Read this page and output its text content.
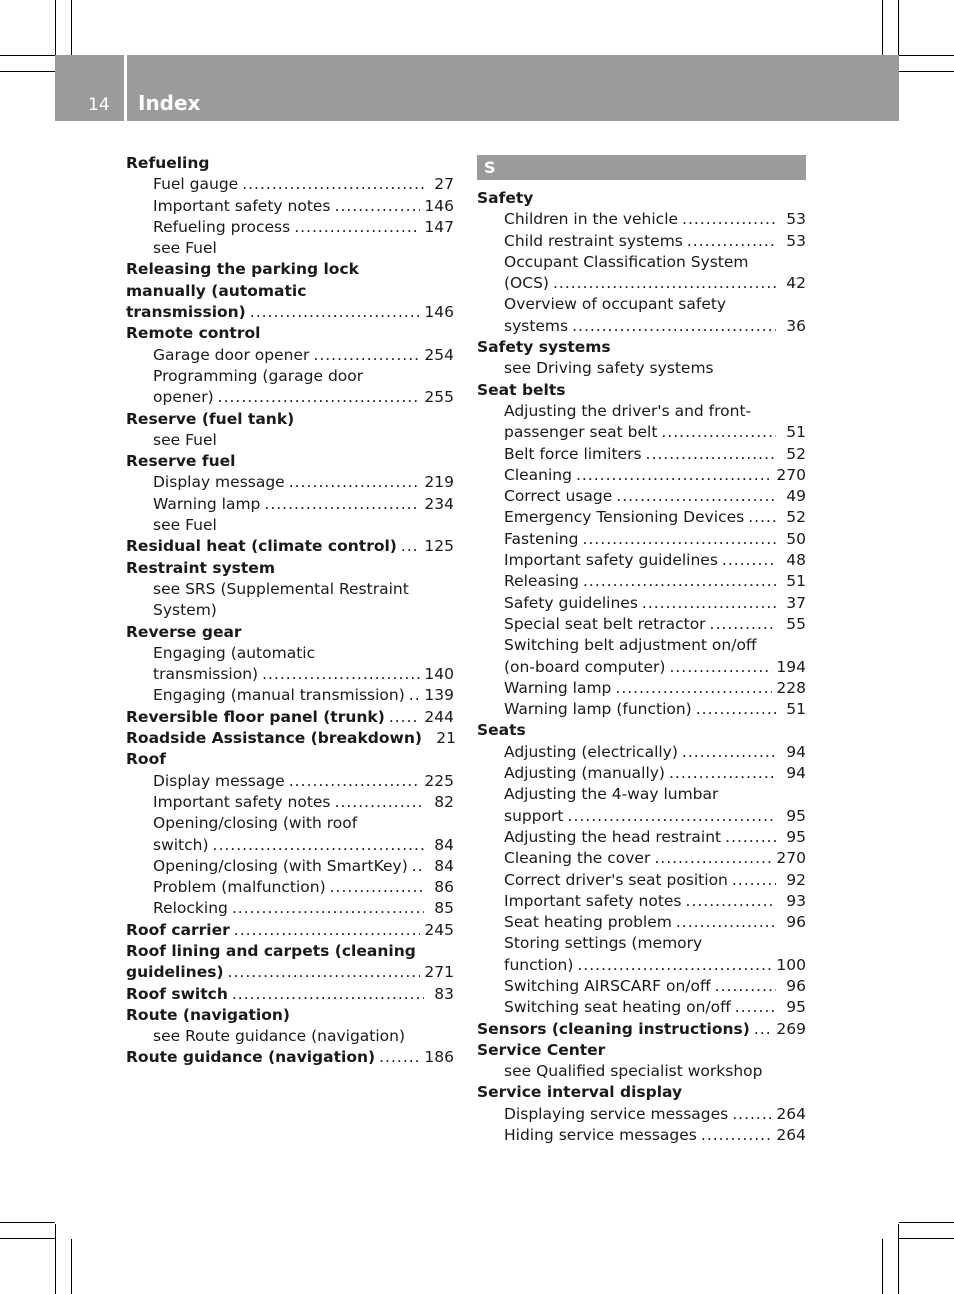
14 Index
Refueling
Fuel gauge .....	27
Important safety notes .....	146
Refueling process .....	147
see Fuel
Releasing the parking lock
manually (automatic
transmission) .....	146
Remote control
Garage door opener .....	254
Programming (garage door
opener) .....	255
Reserve (fuel tank)
see Fuel
Reserve fuel
Display message .....	219
Warning lamp .....	234
see Fuel
Residual heat (climate control) ..... 125
Restraint system
see SRS (Supplemental Restraint
System)
Reverse gear
Engaging (automatic
transmission) .....	140
Engaging (manual transmission) ..... 139
Reversible floor panel (trunk) .....	244
Roadside Assistance (breakdown) 21
Roof
Display message .....	225
Important safety notes .....	82
Opening/closing (with roof
switch) .....	84
Opening/closing (with SmartKey) .....	84
Problem (malfunction) .....	86
Relocking .....	85
Roof carrier .....	245
Roof lining and carpets (cleaning
guidelines) .....	271
Roof switch .....	83
Route (navigation)
see Route guidance (navigation)
Route guidance (navigation) .....	186
S
Safety
Children in the vehicle .....	53
Child restraint systems .....	53
Occupant Classification System
(OCS) .....	42
Overview of occupant safety
systems .....	36
Safety systems
see Driving safety systems
Seat belts
Adjusting the driver's and front-
passenger seat belt .....	51
Belt force limiters .....	52
Cleaning .....	270
Correct usage .....	49
Emergency Tensioning Devices .....	52
Fastening .....	50
Important safety guidelines .....	48
Releasing .....	51
Safety guidelines .....	37
Special seat belt retractor .....	55
Switching belt adjustment on/off
(on-board computer) .....	194
Warning lamp .....	228
Warning lamp (function) .....	51
Seats
Adjusting (electrically) .....	94
Adjusting (manually) .....	94
Adjusting the 4-way lumbar
support .....	95
Adjusting the head restraint .....	95
Cleaning the cover .....	270
Correct driver's seat position .....	92
Important safety notes .....	93
Seat heating problem .....	96
Storing settings (memory
function) .....	100
Switching AIRSCARF on/off .....	96
Switching seat heating on/off .....	95
Sensors (cleaning instructions) ..... 269
Service Center
see Qualified specialist workshop
Service interval display
Displaying service messages .....	264
Hiding service messages .....	264
